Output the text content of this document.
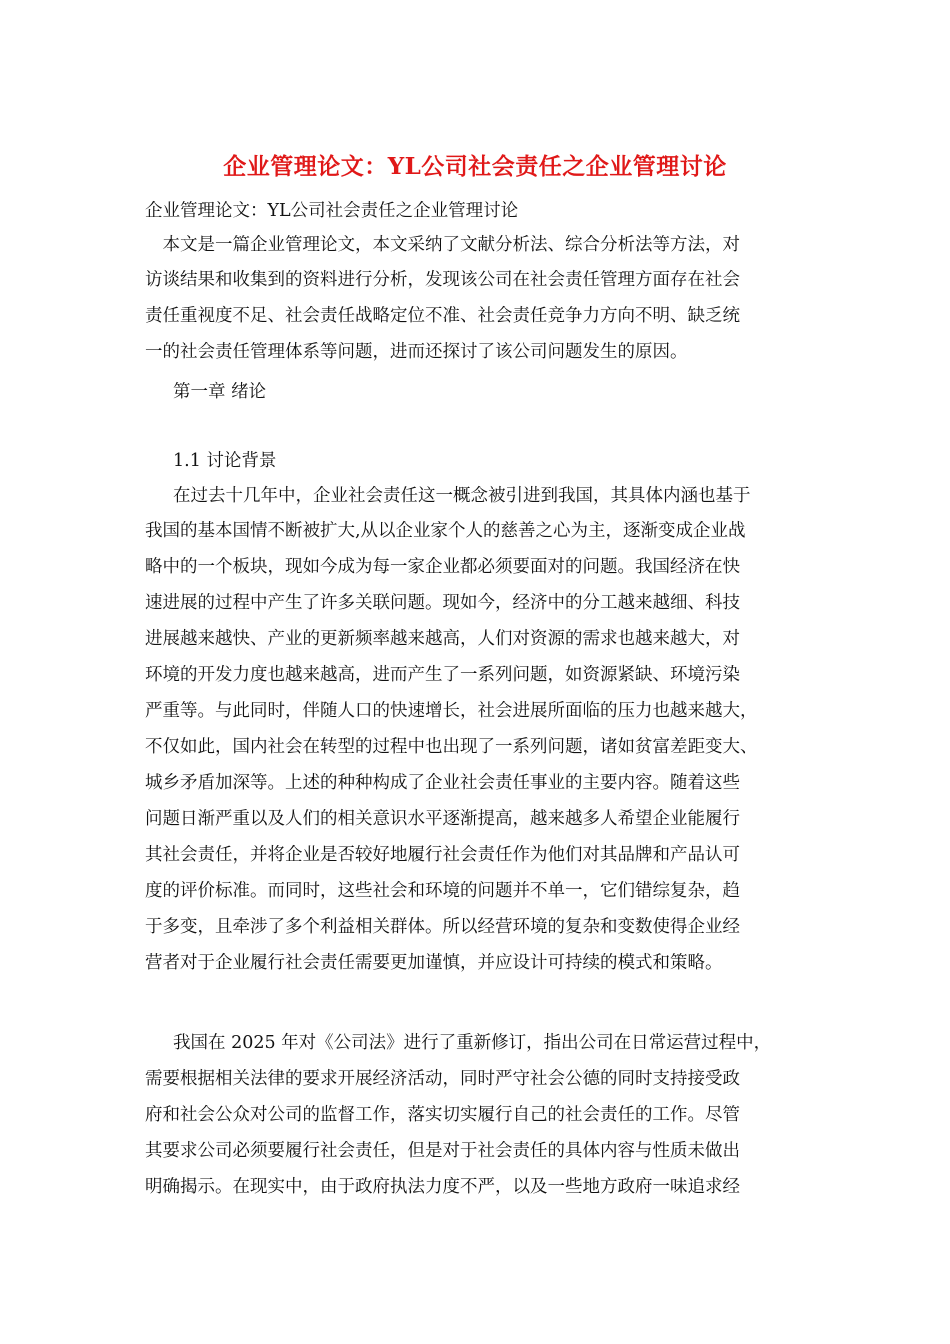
企业管理论文：YL公司社会责任之企业管理讨论
企业管理论文：YL公司社会责任之企业管理讨论
　本文是一篇企业管理论文，本文采纳了文献分析法、综合分析法等方法，对
访谈结果和收集到的资料进行分析，发现该公司在社会责任管理方面存在社会
责任重视度不足、社会责任战略定位不准、社会责任竞争力方向不明、缺乏统
一的社会责任管理体系等问题，进而还探讨了该公司问题发生的原因。
第一章 绪论
1.1 讨论背景
在过去十几年中，企业社会责任这一概念被引进到我国，其具体内涵也基于
我国的基本国情不断被扩大,从以企业家个人的慈善之心为主，逐渐变成企业战
略中的一个板块，现如今成为每一家企业都必须要面对的问题。我国经济在快
速进展的过程中产生了许多关联问题。现如今，经济中的分工越来越细、科技
进展越来越快、产业的更新频率越来越高，人们对资源的需求也越来越大，对
环境的开发力度也越来越高，进而产生了一系列问题，如资源紧缺、环境污染
严重等。与此同时，伴随人口的快速增长，社会进展所面临的压力也越来越大，
不仅如此，国内社会在转型的过程中也出现了一系列问题，诸如贫富差距变大、
城乡矛盾加深等。上述的种种构成了企业社会责任事业的主要内容。随着这些
问题日渐严重以及人们的相关意识水平逐渐提高，越来越多人希望企业能履行
其社会责任，并将企业是否较好地履行社会责任作为他们对其品牌和产品认可
度的评价标准。而同时，这些社会和环境的问题并不单一，它们错综复杂，趋
于多变，且牵涉了多个利益相关群体。所以经营环境的复杂和变数使得企业经
营者对于企业履行社会责任需要更加谨慎，并应设计可持续的模式和策略。
我国在 2025 年对《公司法》进行了重新修订，指出公司在日常运营过程中，
需要根据相关法律的要求开展经济活动，同时严守社会公德的同时支持接受政
府和社会公众对公司的监督工作，落实切实履行自己的社会责任的工作。尽管
其要求公司必须要履行社会责任，但是对于社会责任的具体内容与性质未做出
明确揭示。在现实中，由于政府执法力度不严，以及一些地方政府一味追求经
